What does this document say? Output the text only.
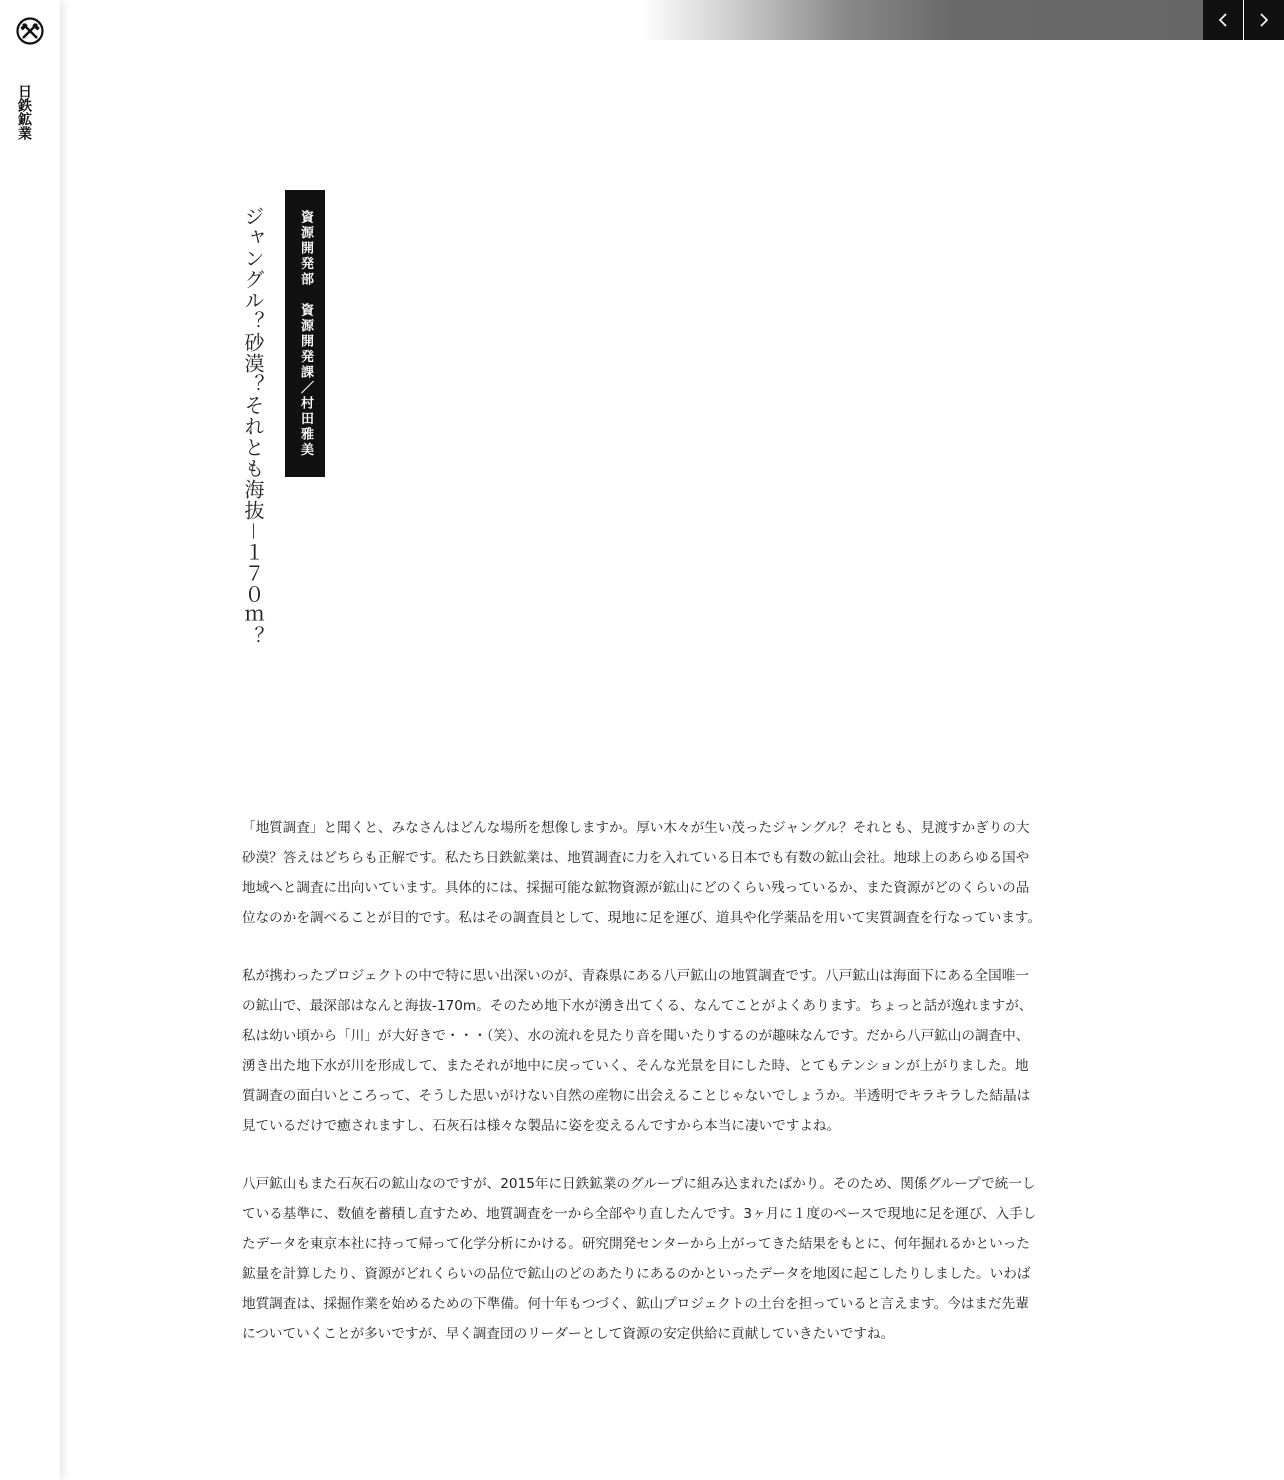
日鉄鉱業
ジャングル？砂漠？それとも海抜－１７０ｍ？	資源開発部　資源開発課／村田雅美

「地質調査」と聞くと、みなさんはどんな場所を想像しますか。厚い木々が生い茂ったジャングル？それとも、見渡すかぎりの大砂漠？答えはどちらも正解です。私たち日鉄鉱業は、地質調査に力を入れている日本でも有数の鉱山会社。地球上のあらゆる国や地域へと調査に出向いています。具体的には、採掘可能な鉱物資源が鉱山にどのくらい残っているか、また資源がどのくらいの品位なのかを調べることが目的です。私はその調査員として、現地に足を運び、道具や化学薬品を用いて実質調査を行なっています。

私が携わったプロジェクトの中で特に思い出深いのが、青森県にある八戸鉱山の地質調査です。八戸鉱山は海面下にある全国唯一の鉱山で、最深部はなんと海抜-170m。そのため地下水が湧き出てくる、なんてことがよくあります。ちょっと話が逸れますが、私は幼い頃から「川」が大好きで・・・（笑）、水の流れを見たり音を聞いたりするのが趣味なんです。だから八戸鉱山の調査中、湧き出た地下水が川を形成して、またそれが地中に戻っていく、そんな光景を目にした時、とてもテンションが上がりました。地質調査の面白いところって、そうした思いがけない自然の産物に出会えることじゃないでしょうか。半透明でキラキラした結晶は見ているだけで癒されますし、石灰石は様々な製品に姿を変えるんですから本当に凄いですよね。

八戸鉱山もまた石灰石の鉱山なのですが、2015年に日鉄鉱業のグループに組み込まれたばかり。そのため、関係グループで統一している基準に、数値を蓄積し直すため、地質調査を一から全部やり直したんです。3ヶ月に１度のペースで現地に足を運び、入手したデータを東京本社に持って帰って化学分析にかける。研究開発センターから上がってきた結果をもとに、何年掘れるかといった鉱量を計算したり、資源がどれくらいの品位で鉱山のどのあたりにあるのかといったデータを地図に起こしたりしました。いわば地質調査は、採掘作業を始めるための下準備。何十年もつづく、鉱山プロジェクトの土台を担っていると言えます。今はまだ先輩についていくことが多いですが、早く調査団のリーダーとして資源の安定供給に貢献していきたいですね。
